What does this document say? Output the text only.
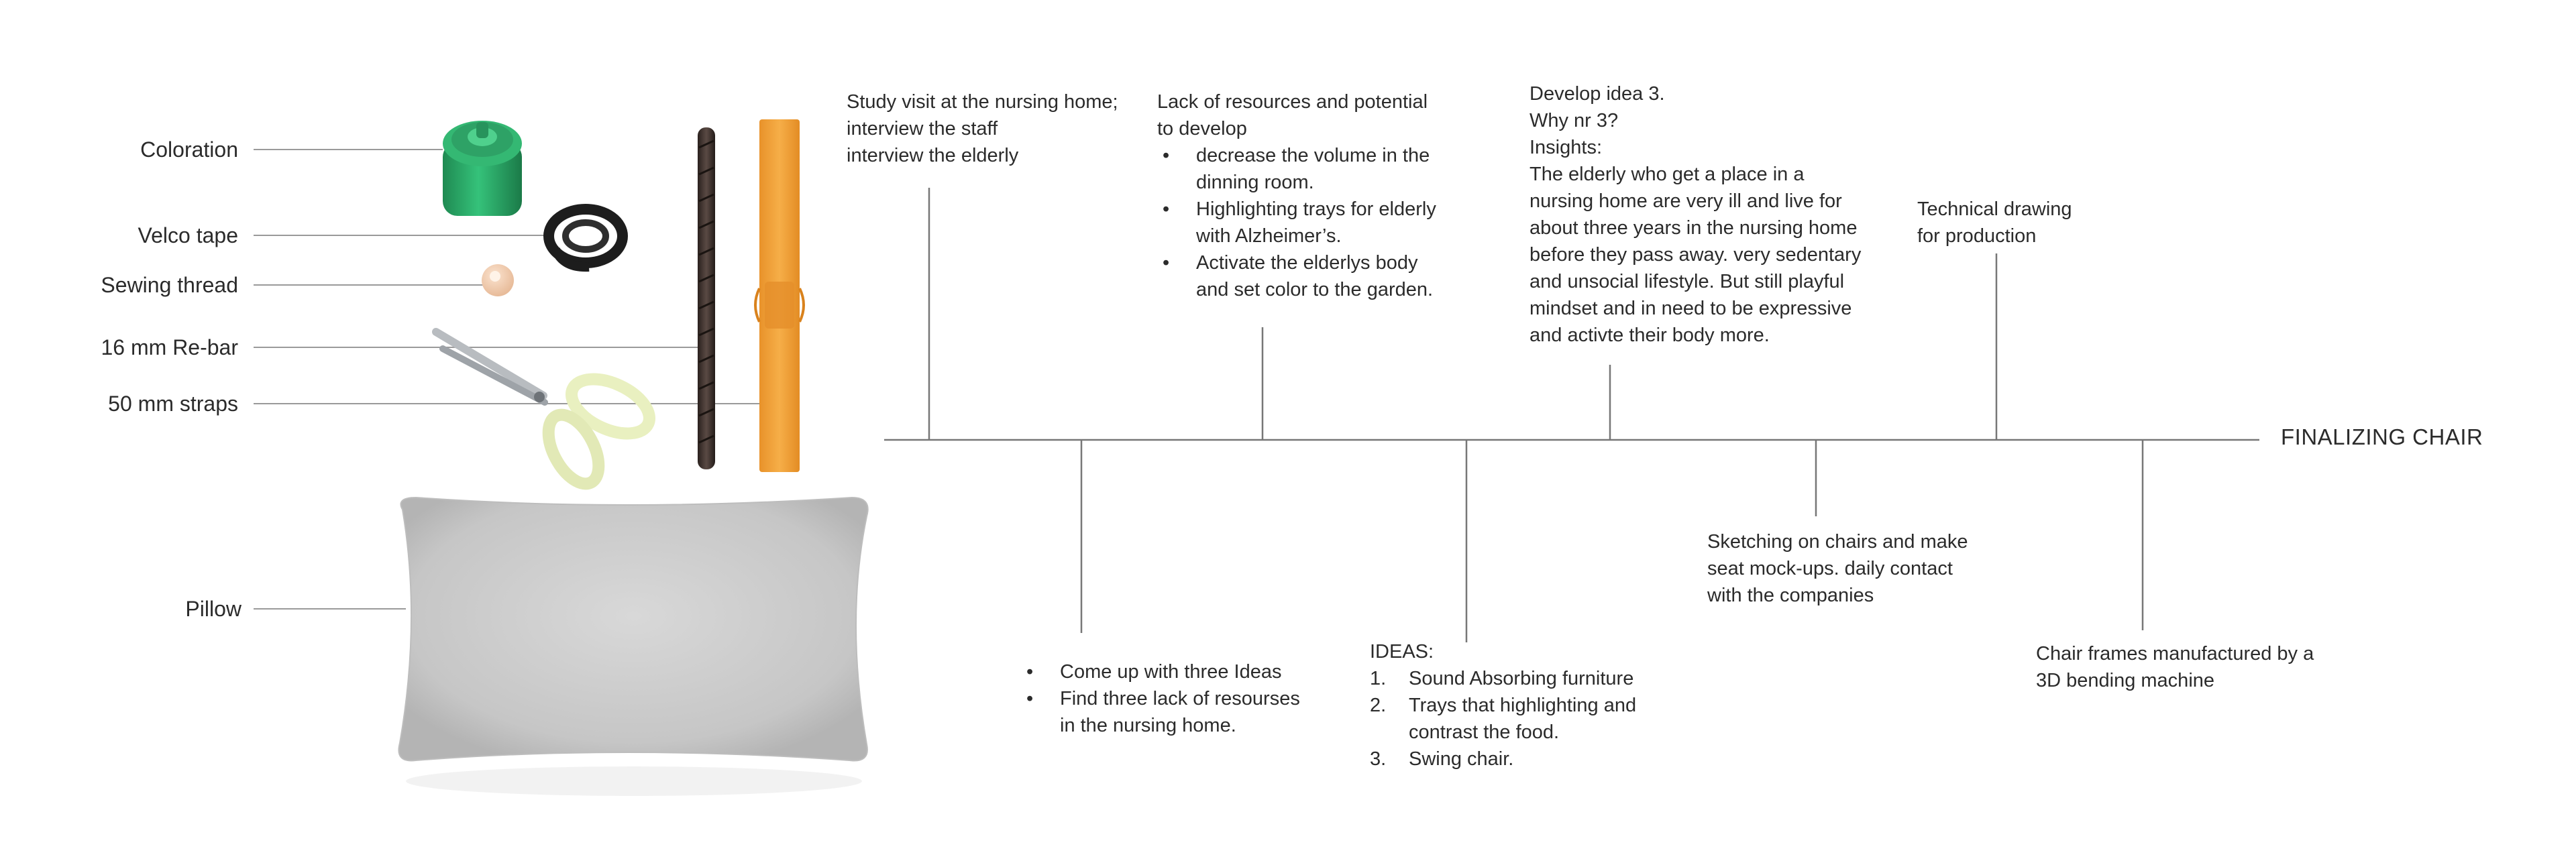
Coloration
Velco tape
Sewing thread
16 mm Re-bar
50 mm straps
Pillow

Study visit at the nursing home;

interview the staff

interview the elderly

Lack of resources and potential

to develop

• decrease the volume in the
dinning room.
• Highlighting trays for elderly
with Alzheimer’s.
• Activate the elderlys body
and set color to the garden.

Develop idea 3.

Why nr 3?

Insights:

The elderly who get a place in a

nursing home are very ill and live for

about three years in the nursing home

before they pass away. very sedentary

and unsocial lifestyle. But still playful

mindset and in need to be expressive

and activte their body more.

Technical drawing

for production

FINALIZING CHAIR
• Come up with three Ideas
• Find three lack of resourses
in the nursing home.

IDEAS:

1. Sound Absorbing furniture
2. Trays that highlighting and
contrast the food.
3. Swing chair.

Sketching on chairs and make

seat mock-ups. daily contact

with the companies

Chair frames manufactured by a

3D bending machine
